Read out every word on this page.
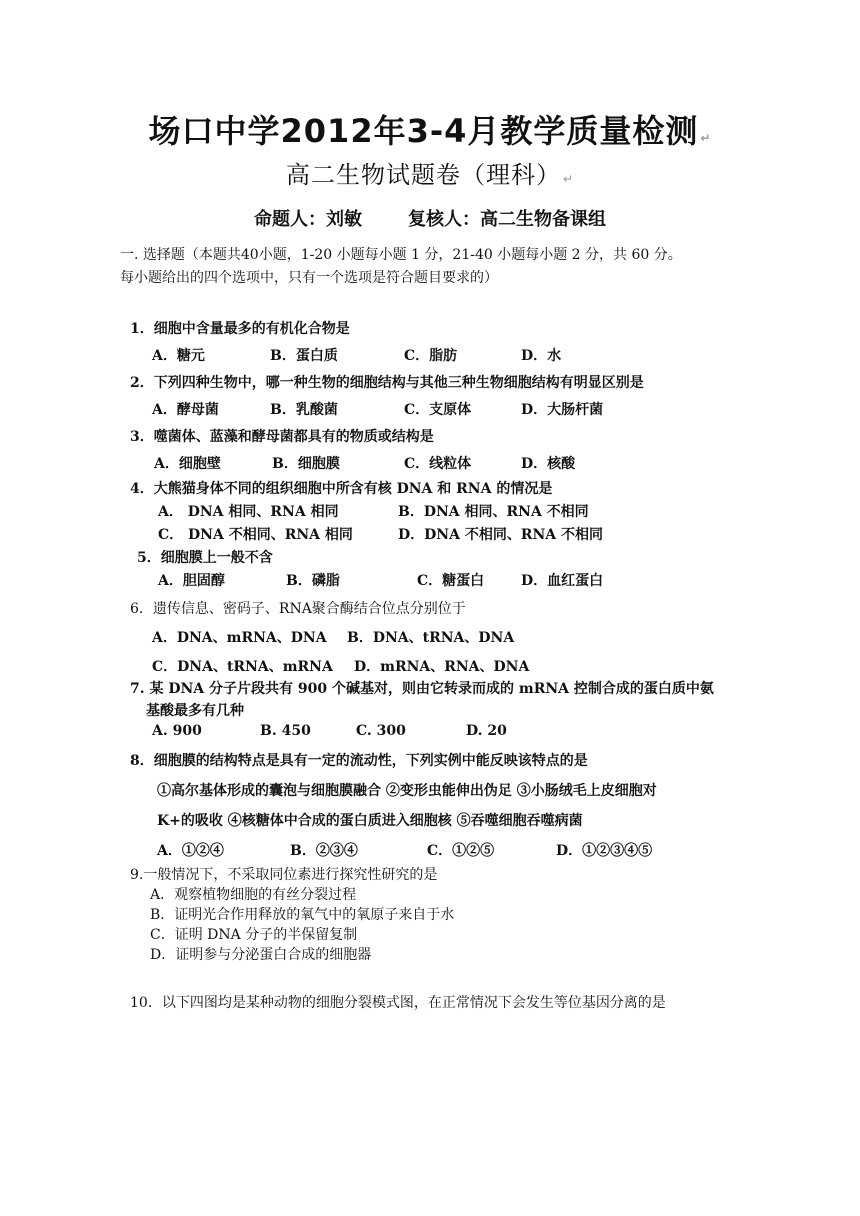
场口中学2012年3-4月教学质量检测 ↵
高二生物试题卷（理科） ↵
命题人：刘敏	复核人：高二生物备课组
一. 选择题（本题共40小题，1-20 小题每小题 1 分，21-40 小题每小题 2 分，共 60 分。
每小题给出的四个选项中，只有一个选项是符合题目要求的）
1．细胞中含量最多的有机化合物是
A．糖元	B．蛋白质	C．脂肪	D．水
2．下列四种生物中，哪一种生物的细胞结构与其他三种生物细胞结构有明显区别是
A．酵母菌	B．乳酸菌	C．支原体	D．大肠杆菌
3．噬菌体、蓝藻和酵母菌都具有的物质或结构是
A．细胞壁	B．细胞膜	C．线粒体	D．核酸
4．大熊猫身体不同的组织细胞中所含有核 DNA 和 RNA 的情况是
A． DNA 相同、RNA 相同	B．DNA 相同、RNA 不相同
C． DNA 不相同、RNA 相同	D．DNA 不相同、RNA 不相同
5．细胞膜上一般不含
A．胆固醇	B．磷脂	C．糖蛋白	D．血红蛋白
6．遗传信息、密码子、RNA聚合酶结合位点分别位于
A．DNA、mRNA、DNA B．DNA、tRNA、DNA
C．DNA、tRNA、mRNA D．mRNA、RNA、DNA
7. 某 DNA 分子片段共有 900 个碱基对，则由它转录而成的 mRNA 控制合成的蛋白质中氨
基酸最多有几种
A. 900	B. 450	C. 300	D. 20
8．细胞膜的结构特点是具有一定的流动性，下列实例中能反映该特点的是
①高尔基体形成的囊泡与细胞膜融合 ②变形虫能伸出伪足 ③小肠绒毛上皮细胞对
K+的吸收 ④核糖体中合成的蛋白质进入细胞核 ⑤吞噬细胞吞噬病菌
A．①②④	B．②③④	C．①②⑤	D．①②③④⑤
9.一般情况下，不采取同位素进行探究性研究的是
A．观察植物细胞的有丝分裂过程
B．证明光合作用释放的氧气中的氧原子来自于水
C．证明 DNA 分子的半保留复制
D．证明参与分泌蛋白合成的细胞器
10．以下四图均是某种动物的细胞分裂模式图，在正常情况下会发生等位基因分离的是
